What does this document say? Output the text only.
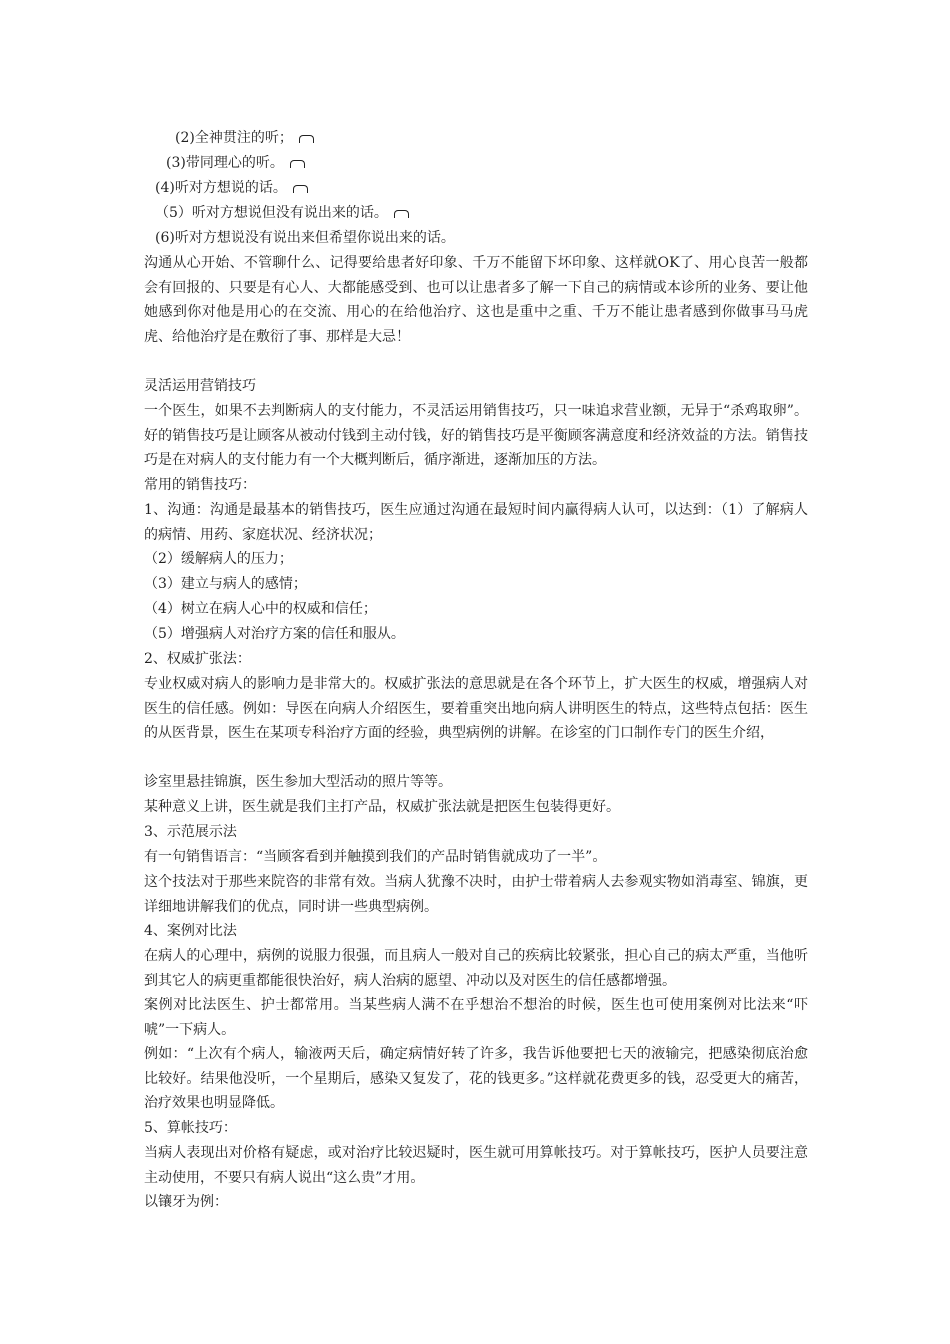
(2)全神贯注的听；

(3)带同理心的听。

(4)听对方想说的话。

（5）听对方想说但没有说出来的话。

(6)听对方想说没有说出来但希望你说出来的话。

沟通从心开始、不管聊什么、记得要给患者好印象、千万不能留下坏印象、这样就OK了、用心良苦一般都会有回报的、只要是有心人、大都能感受到、也可以让患者多了解一下自己的病情或本诊所的业务、要让他她感到你对他是用心的在交流、用心的在给他治疗、这也是重中之重、千万不能让患者感到你做事马马虎虎、给他治疗是在敷衍了事、那样是大忌！

灵活运用营销技巧

一个医生，如果不去判断病人的支付能力，不灵活运用销售技巧，只一味追求营业额，无异于“杀鸡取卵”。好的销售技巧是让顾客从被动付钱到主动付钱，好的销售技巧是平衡顾客满意度和经济效益的方法。销售技巧是在对病人的支付能力有一个大概判断后，循序渐进，逐渐加压的方法。

常用的销售技巧：

1、沟通：沟通是最基本的销售技巧，医生应通过沟通在最短时间内赢得病人认可，以达到：（1）了解病人的病情、用药、家庭状况、经济状况；

（2）缓解病人的压力；

（3）建立与病人的感情；

（4）树立在病人心中的权威和信任；

（5）增强病人对治疗方案的信任和服从。

2、权威扩张法：

专业权威对病人的影响力是非常大的。权威扩张法的意思就是在各个环节上，扩大医生的权威，增强病人对医生的信任感。例如：导医在向病人介绍医生，要着重突出地向病人讲明医生的特点，这些特点包括：医生的从医背景，医生在某项专科治疗方面的经验，典型病例的讲解。在诊室的门口制作专门的医生介绍，

诊室里悬挂锦旗，医生参加大型活动的照片等等。

某种意义上讲，医生就是我们主打产品，权威扩张法就是把医生包装得更好。

3、示范展示法

有一句销售语言：“当顾客看到并触摸到我们的产品时销售就成功了一半”。

这个技法对于那些来院咨的非常有效。当病人犹豫不决时，由护士带着病人去参观实物如消毒室、锦旗，更详细地讲解我们的优点，同时讲一些典型病例。

4、案例对比法

在病人的心理中，病例的说服力很强，而且病人一般对自己的疾病比较紧张，担心自己的病太严重，当他听到其它人的病更重都能很快治好，病人治病的愿望、冲动以及对医生的信任感都增强。

案例对比法医生、护士都常用。当某些病人满不在乎想治不想治的时候，医生也可使用案例对比法来“吓唬”一下病人。

例如：“上次有个病人，输液两天后，确定病情好转了许多，我告诉他要把七天的液输完，把感染彻底治愈比较好。结果他没听，一个星期后，感染又复发了，花的钱更多。”这样就花费更多的钱，忍受更大的痛苦，治疗效果也明显降低。

5、算帐技巧：

当病人表现出对价格有疑虑，或对治疗比较迟疑时，医生就可用算帐技巧。对于算帐技巧，医护人员要注意主动使用，不要只有病人说出“这么贵”才用。

以镶牙为例：
